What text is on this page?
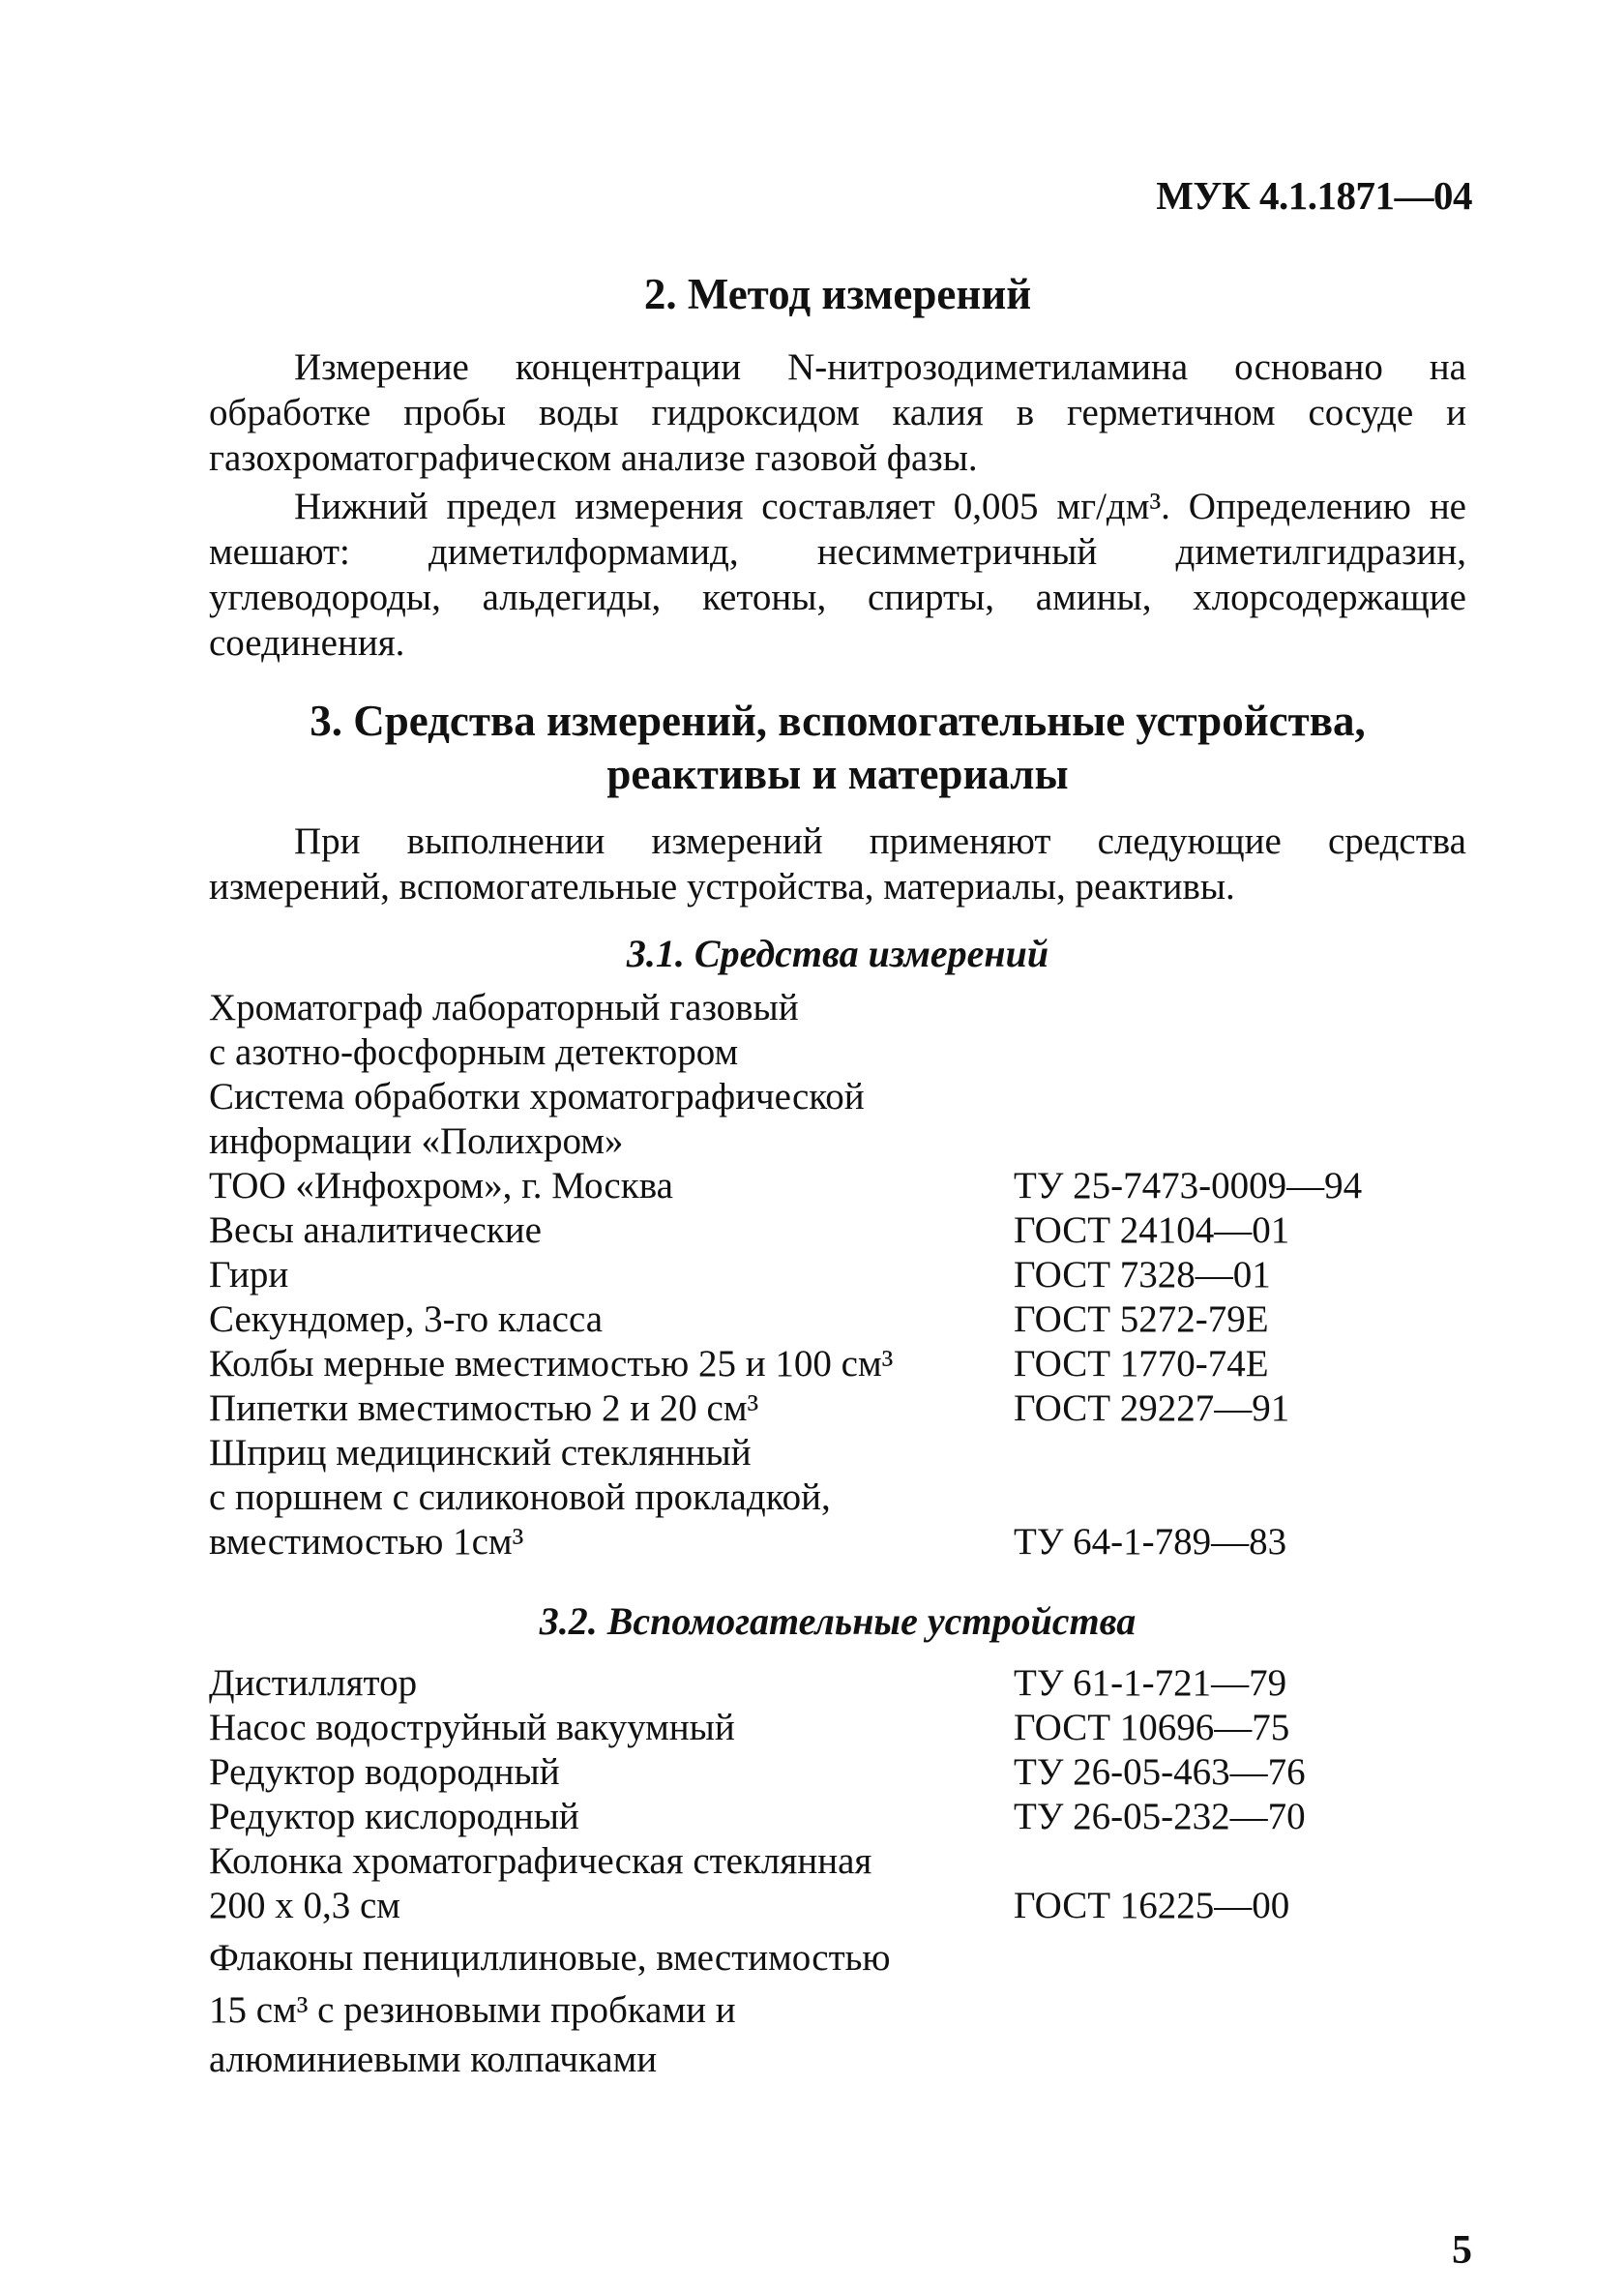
МУК 4.1.1871—04
2. Метод измерений

Измерение концентрации N-нитрозодиметиламина основано на обработке пробы воды гидроксидом калия в герметичном сосуде и газохроматографическом анализе газовой фазы.

Нижний предел измерения составляет 0,005 мг/дм³. Определению не мешают: диметилформамид, несимметричный диметилгидразин, углеводороды, альдегиды, кетоны, спирты, амины, хлорсодержащие соединения.

3. Средства измерений, вспомогательные устройства,
реактивы и материалы

При выполнении измерений применяют следующие средства измерений, вспомогательные устройства, материалы, реактивы.

3.1. Средства измерений
Хроматограф лабораторный газовый
с азотно-фосфорным детектором
Система обработки хроматографической
информации «Полихром»
ТОО «Инфохром», г. Москва	ТУ 25-7473-0009—94
Весы аналитические	ГОСТ 24104—01
Гири	ГОСТ 7328—01
Секундомер, 3-го класса	ГОСТ 5272-79Е
Колбы мерные вместимостью 25 и 100 см³	ГОСТ 1770-74Е
Пипетки вместимостью 2 и 20 см³	ГОСТ 29227—91
Шприц медицинский стеклянный
с поршнем с силиконовой прокладкой,
вместимостью 1см³	ТУ 64-1-789—83
3.2. Вспомогательные устройства
Дистиллятор	ТУ 61-1-721—79
Насос водоструйный вакуумный	ГОСТ 10696—75
Редуктор водородный	ТУ 26-05-463—76
Редуктор кислородный	ТУ 26-05-232—70
Колонка хроматографическая стеклянная
200 х 0,3 см	ГОСТ 16225—00
Флаконы пенициллиновые, вместимостью
15 см³ с резиновыми пробками и
алюминиевыми колпачками
5
